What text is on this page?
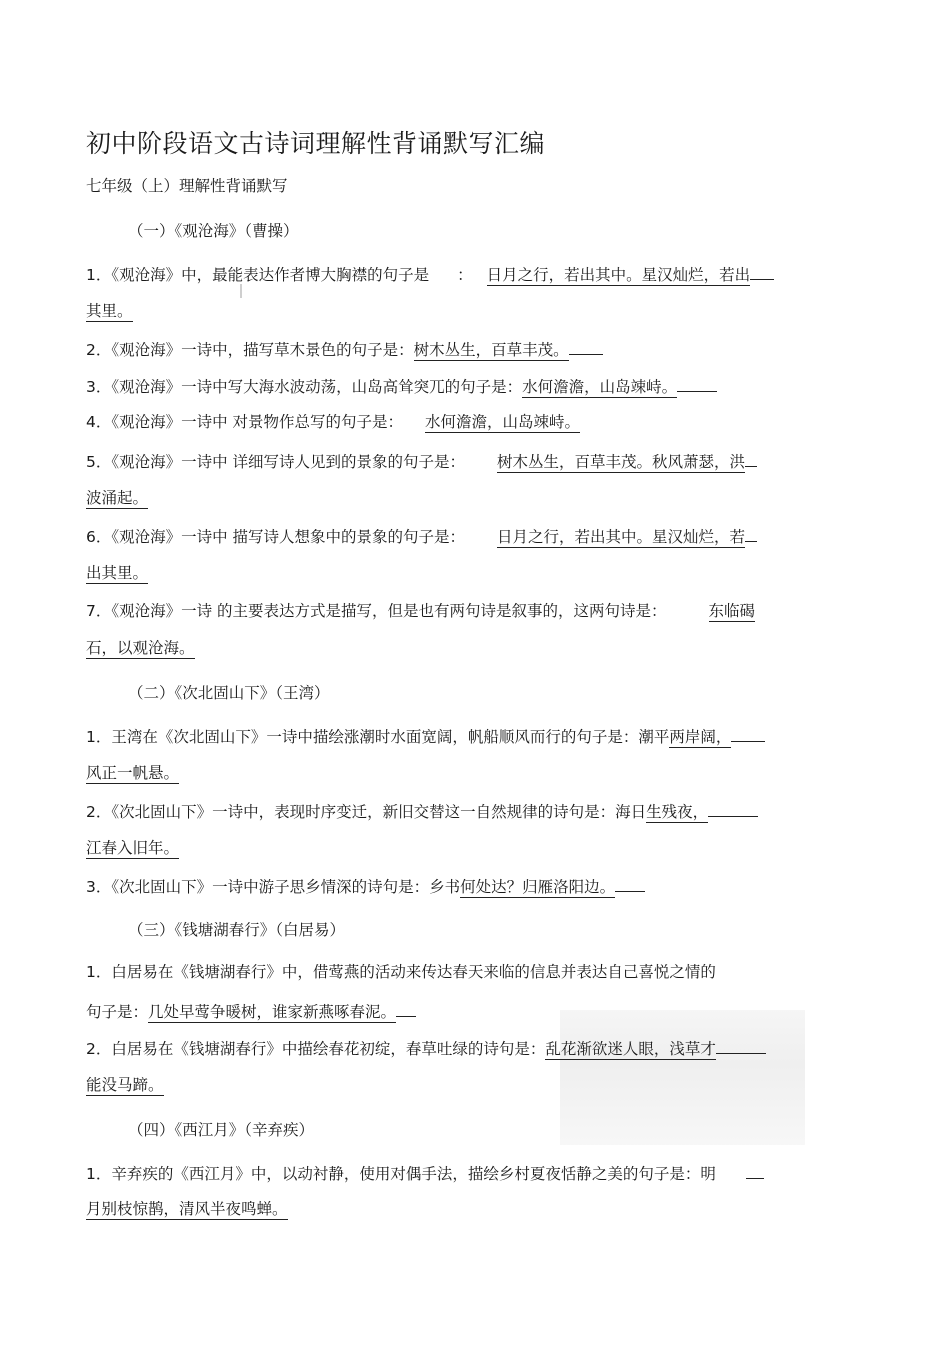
初中阶段语文古诗词理解性背诵默写汇编
七年级（上）理解性背诵默写
（一）《观沧海》（曹操）
1．《观沧海》中，最能表达作者博大胸襟的句子是 ： 日月之行，若出其中。星汉灿烂，若出
其里。
2．《观沧海》一诗中，描写草木景色的句子是：树木丛生，百草丰茂。
3．《观沧海》一诗中写大海水波动荡，山岛高耸突兀的句子是：水何澹澹，山岛竦峙。
4．《观沧海》一诗中 对景物作总写的句子是： 水何澹澹，山岛竦峙。
5．《观沧海》一诗中 详细写诗人见到的景象的句子是： 树木丛生，百草丰茂。秋风萧瑟，洪
波涌起。
6．《观沧海》一诗中 描写诗人想象中的景象的句子是： 日月之行，若出其中。星汉灿烂，若
出其里。
7．《观沧海》一诗 的主要表达方式是描写，但是也有两句诗是叙事的，这两句诗是：	东临碣
石，以观沧海。
（二）《次北固山下》（王湾）
1．王湾在《次北固山下》一诗中描绘涨潮时水面宽阔，帆船顺风而行的句子是：潮平两岸阔，
风正一帆悬。
2．《次北固山下》一诗中，表现时序变迁，新旧交替这一自然规律的诗句是：海日生残夜，
江春入旧年。
3．《次北固山下》一诗中游子思乡情深的诗句是：乡书何处达？归雁洛阳边。
（三）《钱塘湖春行》（白居易）
1．白居易在《钱塘湖春行》中，借莺燕的活动来传达春天来临的信息并表达自己喜悦之情的
句子是：几处早莺争暖树，谁家新燕啄春泥。
2．白居易在《钱塘湖春行》中描绘春花初绽，春草吐绿的诗句是：乱花渐欲迷人眼，浅草才
能没马蹄。
（四）《西江月》（辛弃疾）
1．辛弃疾的《西江月》中，以动衬静，使用对偶手法，描绘乡村夏夜恬静之美的句子是：明
月别枝惊鹊，清风半夜鸣蝉。
